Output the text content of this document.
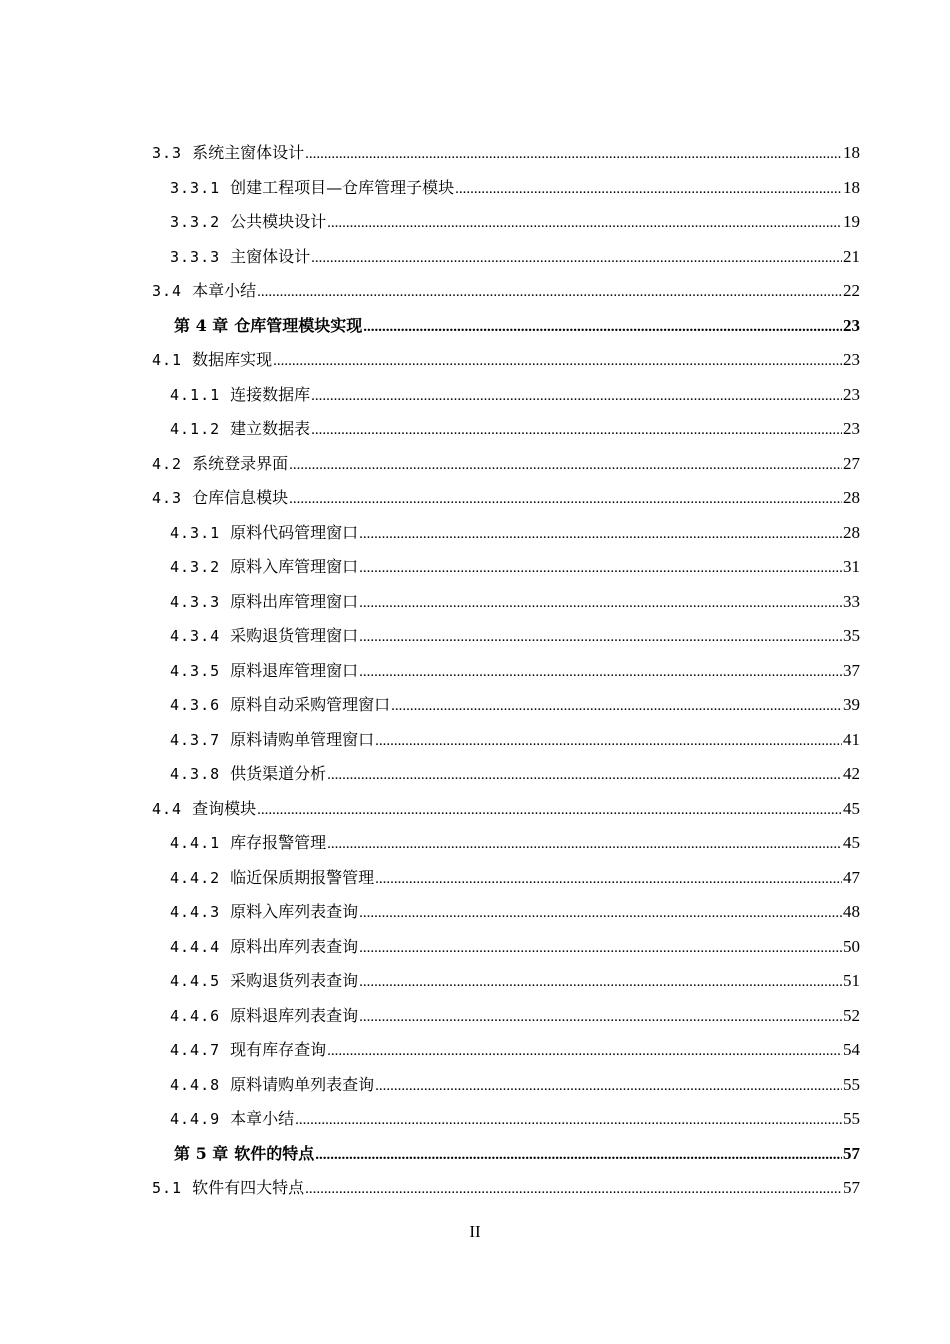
3.3 系统主窗体设计 .....	18
3.3.1 创建工程项目—仓库管理子模块 .....	18
3.3.2 公共模块设计 .....	19
3.3.3 主窗体设计 .....	21
3.4 本章小结 .....	22
第 4 章 仓库管理模块实现 .....	23
4.1 数据库实现 .....	23
4.1.1 连接数据库 .....	23
4.1.2 建立数据表 .....	23
4.2 系统登录界面 .....	27
4.3 仓库信息模块 .....	28
4.3.1 原料代码管理窗口 .....	28
4.3.2 原料入库管理窗口 .....	31
4.3.3 原料出库管理窗口 .....	33
4.3.4 采购退货管理窗口 .....	35
4.3.5 原料退库管理窗口 .....	37
4.3.6 原料自动采购管理窗口 .....	39
4.3.7 原料请购单管理窗口 .....	41
4.3.8 供货渠道分析 .....	42
4.4 查询模块 .....	45
4.4.1 库存报警管理 .....	45
4.4.2 临近保质期报警管理 .....	47
4.4.3 原料入库列表查询 .....	48
4.4.4 原料出库列表查询 .....	50
4.4.5 采购退货列表查询 .....	51
4.4.6 原料退库列表查询 .....	52
4.4.7 现有库存查询 .....	54
4.4.8 原料请购单列表查询 .....	55
4.4.9 本章小结 .....	55
第 5 章 软件的特点 .....	57
5.1 软件有四大特点 .....	57
II
